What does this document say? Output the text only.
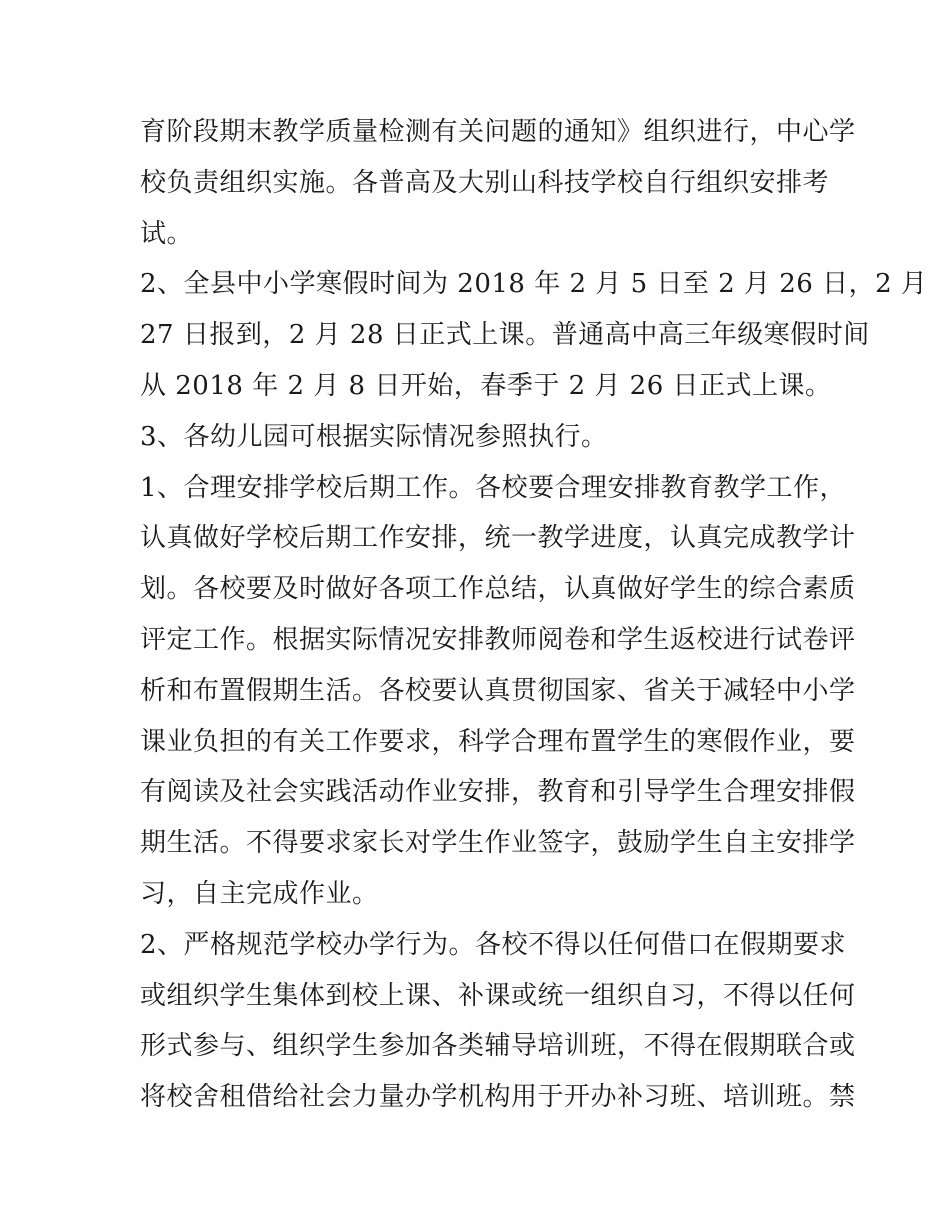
育阶段期末教学质量检测有关问题的通知》组织进行，中心学
校负责组织实施。各普高及大别山科技学校自行组织安排考
试。
2、全县中小学寒假时间为 2018 年 2 月 5 日至 2 月 26 日，2 月
27 日报到，2 月 28 日正式上课。普通高中高三年级寒假时间
从 2018 年 2 月 8 日开始，春季于 2 月 26 日正式上课。
3、各幼儿园可根据实际情况参照执行。
1、合理安排学校后期工作。各校要合理安排教育教学工作，
认真做好学校后期工作安排，统一教学进度，认真完成教学计
划。各校要及时做好各项工作总结，认真做好学生的综合素质
评定工作。根据实际情况安排教师阅卷和学生返校进行试卷评
析和布置假期生活。各校要认真贯彻国家、省关于减轻中小学
课业负担的有关工作要求，科学合理布置学生的寒假作业，要
有阅读及社会实践活动作业安排，教育和引导学生合理安排假
期生活。不得要求家长对学生作业签字，鼓励学生自主安排学
习，自主完成作业。
2、严格规范学校办学行为。各校不得以任何借口在假期要求
或组织学生集体到校上课、补课或统一组织自习，不得以任何
形式参与、组织学生参加各类辅导培训班，不得在假期联合或
将校舍租借给社会力量办学机构用于开办补习班、培训班。禁
